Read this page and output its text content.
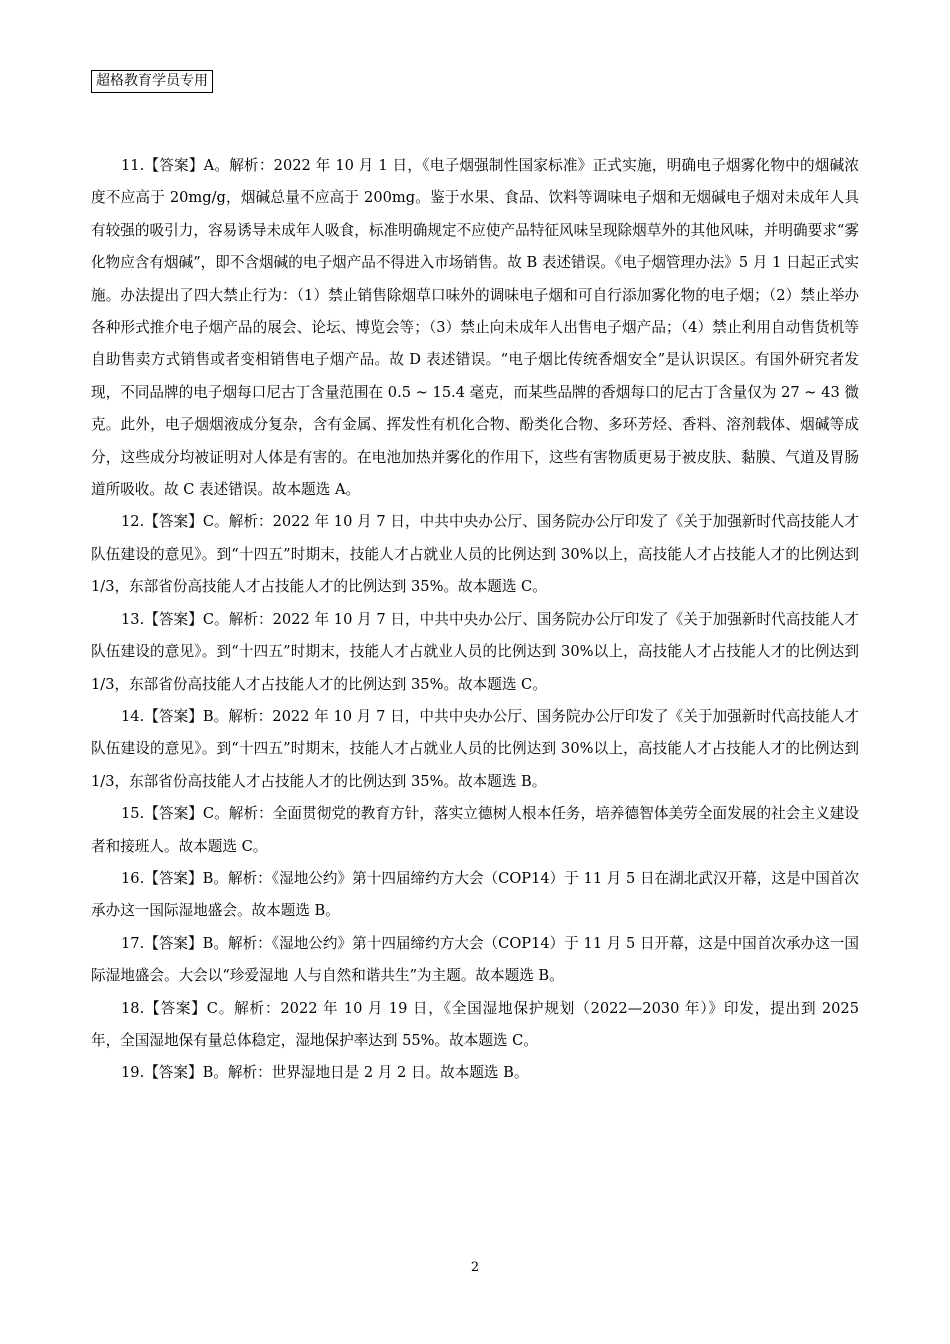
超格教育学员专用

11.【答案】A。解析：2022 年 10 月 1 日，《电子烟强制性国家标准》正式实施，明确电子烟雾化物中的烟碱浓度不应高于 20mg/g，烟碱总量不应高于 200mg。鉴于水果、食品、饮料等调味电子烟和无烟碱电子烟对未成年人具有较强的吸引力，容易诱导未成年人吸食，标准明确规定不应使产品特征风味呈现除烟草外的其他风味，并明确要求“雾化物应含有烟碱”，即不含烟碱的电子烟产品不得进入市场销售。故 B 表述错误。《电子烟管理办法》5 月 1 日起正式实施。办法提出了四大禁止行为：（1）禁止销售除烟草口味外的调味电子烟和可自行添加雾化物的电子烟；（2）禁止举办各种形式推介电子烟产品的展会、论坛、博览会等；（3）禁止向未成年人出售电子烟产品；（4）禁止利用自动售货机等自助售卖方式销售或者变相销售电子烟产品。故 D 表述错误。“电子烟比传统香烟安全”是认识误区。有国外研究者发现，不同品牌的电子烟每口尼古丁含量范围在 0.5 ~ 15.4 毫克，而某些品牌的香烟每口的尼古丁含量仅为 27 ~ 43 微克。此外，电子烟烟液成分复杂，含有金属、挥发性有机化合物、酚类化合物、多环芳烃、香料、溶剂载体、烟碱等成分，这些成分均被证明对人体是有害的。在电池加热并雾化的作用下，这些有害物质更易于被皮肤、黏膜、气道及胃肠道所吸收。故 C 表述错误。故本题选 A。

12.【答案】C。解析：2022 年 10 月 7 日，中共中央办公厅、国务院办公厅印发了《关于加强新时代高技能人才队伍建设的意见》。到“十四五”时期末，技能人才占就业人员的比例达到 30%以上，高技能人才占技能人才的比例达到 1/3，东部省份高技能人才占技能人才的比例达到 35%。故本题选 C。

13.【答案】C。解析：2022 年 10 月 7 日，中共中央办公厅、国务院办公厅印发了《关于加强新时代高技能人才队伍建设的意见》。到“十四五”时期末，技能人才占就业人员的比例达到 30%以上，高技能人才占技能人才的比例达到 1/3，东部省份高技能人才占技能人才的比例达到 35%。故本题选 C。

14.【答案】B。解析：2022 年 10 月 7 日，中共中央办公厅、国务院办公厅印发了《关于加强新时代高技能人才队伍建设的意见》。到“十四五”时期末，技能人才占就业人员的比例达到 30%以上，高技能人才占技能人才的比例达到 1/3，东部省份高技能人才占技能人才的比例达到 35%。故本题选 B。

15.【答案】C。解析：全面贯彻党的教育方针，落实立德树人根本任务，培养德智体美劳全面发展的社会主义建设者和接班人。故本题选 C。

16.【答案】B。解析：《湿地公约》第十四届缔约方大会（COP14）于 11 月 5 日在湖北武汉开幕，这是中国首次承办这一国际湿地盛会。故本题选 B。

17.【答案】B。解析：《湿地公约》第十四届缔约方大会（COP14）于 11 月 5 日开幕，这是中国首次承办这一国际湿地盛会。大会以“珍爱湿地 人与自然和谐共生”为主题。故本题选 B。

18.【答案】C。解析：2022 年 10 月 19 日，《全国湿地保护规划（2022—2030 年）》印发，提出到 2025 年，全国湿地保有量总体稳定，湿地保护率达到 55%。故本题选 C。

19.【答案】B。解析：世界湿地日是 2 月 2 日。故本题选 B。

2
